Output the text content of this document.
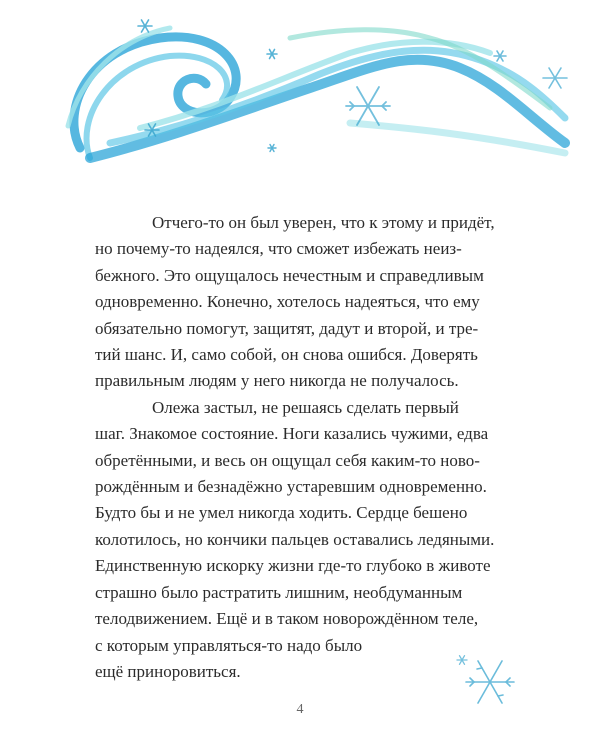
Отчего-то он был уверен, что к этому и придёт,
но почему-то надеялся, что сможет избежать неиз-
бежного. Это ощущалось нечестным и справедливым
одновременно. Конечно, хотелось надеяться, что ему
обязательно помогут, защитят, дадут и второй, и тре-
тий шанс. И, само собой, он снова ошибся. Доверять
правильным людям у него никогда не получалось.

Олежа застыл, не решаясь сделать первый
шаг. Знакомое состояние. Ноги казались чужими, едва
обретёнными, и весь он ощущал себя каким-то ново-
рождённым и безнадёжно устаревшим одновременно.
Будто бы и не умел никогда ходить. Сердце бешено
колотилось, но кончики пальцев оставались ледяными.
Единственную искорку жизни где-то глубоко в животе
страшно было растратить лишним, необдуманным
телодвижением. Ещё и в таком новорождённом теле,
с которым управляться-то надо было
ещё приноровиться.

4
